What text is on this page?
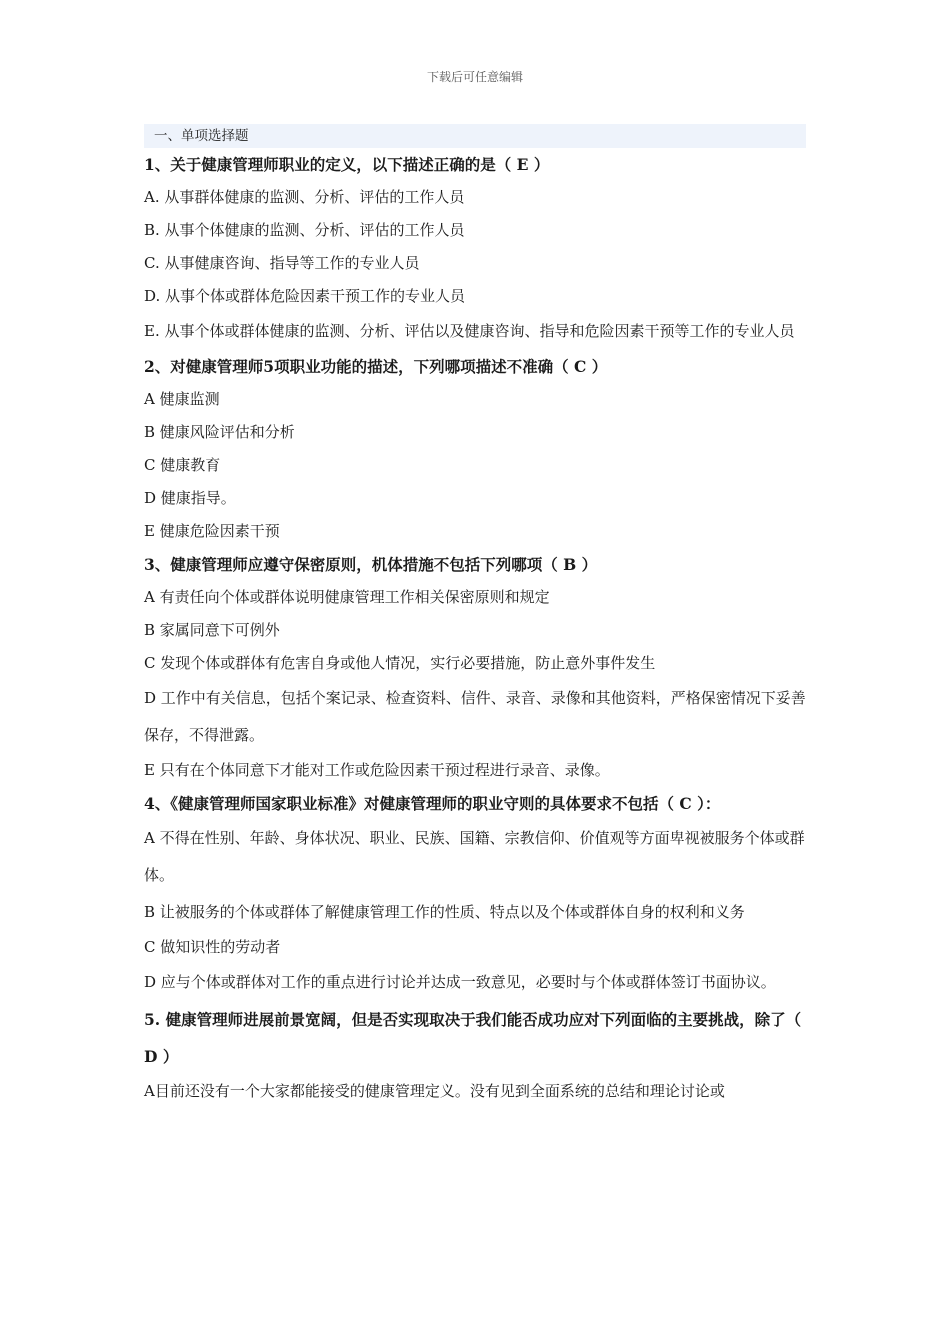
下载后可任意编辑
一、单项选择题

1、关于健康管理师职业的定义，以下描述正确的是（ E ）

A. 从事群体健康的监测、分析、评估的工作人员

B. 从事个体健康的监测、分析、评估的工作人员

C. 从事健康咨询、指导等工作的专业人员

D. 从事个体或群体危险因素干预工作的专业人员

E. 从事个体或群体健康的监测、分析、评估以及健康咨询、指导和危险因素干预等工作的专业人员

2、对健康管理师5项职业功能的描述，下列哪项描述不准确（ C ）

A 健康监测

B 健康风险评估和分析

C 健康教育

D 健康指导。

E 健康危险因素干预

3、健康管理师应遵守保密原则，机体措施不包括下列哪项（ B ）

A 有责任向个体或群体说明健康管理工作相关保密原则和规定

B 家属同意下可例外

C 发现个体或群体有危害自身或他人情况，实行必要措施，防止意外事件发生

D 工作中有关信息，包括个案记录、检查资料、信件、录音、录像和其他资料，严格保密情况下妥善保存，不得泄露。

E 只有在个体同意下才能对工作或危险因素干预过程进行录音、录像。

4、《健康管理师国家职业标准》对健康管理师的职业守则的具体要求不包括（ C ）：

A 不得在性别、年龄、身体状况、职业、民族、国籍、宗教信仰、价值观等方面卑视被服务个体或群体。

B 让被服务的个体或群体了解健康管理工作的性质、特点以及个体或群体自身的权利和义务

C 做知识性的劳动者

D 应与个体或群体对工作的重点进行讨论并达成一致意见，必要时与个体或群体签订书面协议。

5. 健康管理师进展前景宽阔，但是否实现取决于我们能否成功应对下列面临的主要挑战，除了（ D ）

A目前还没有一个大家都能接受的健康管理定义。没有见到全面系统的总结和理论讨论或
